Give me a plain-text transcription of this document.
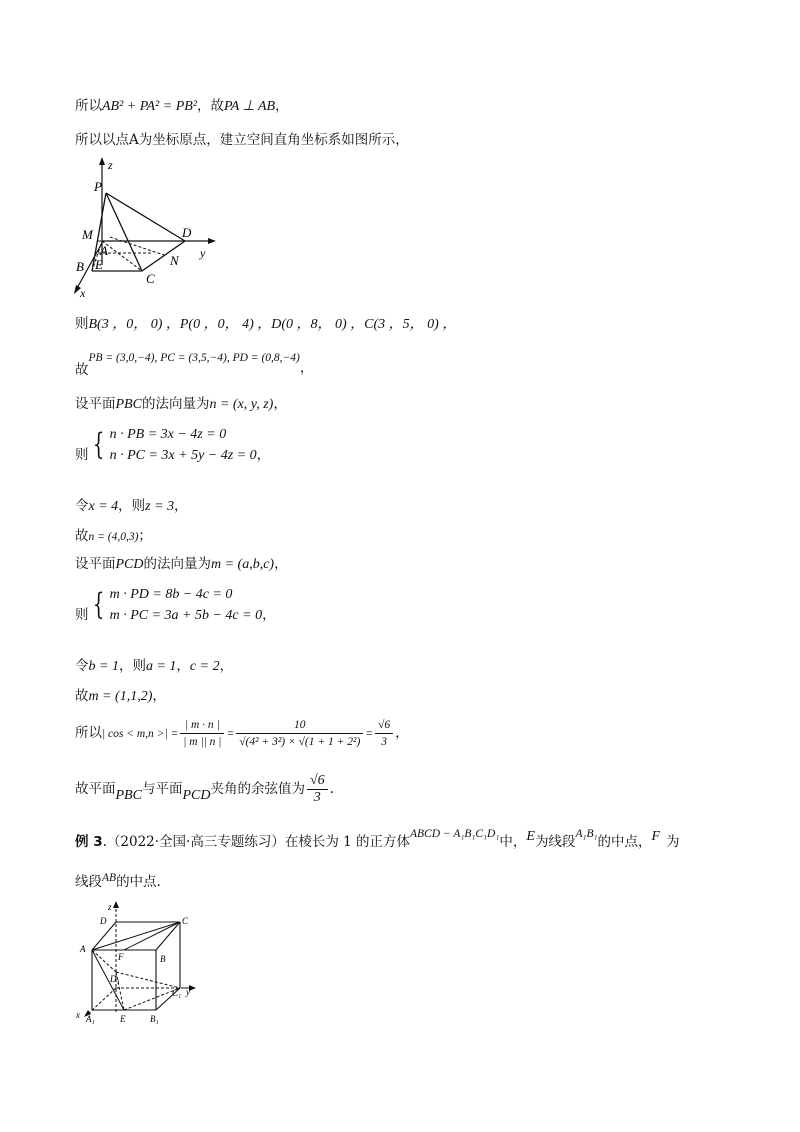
所以AB² + PA² = PB²，故PA ⊥ AB，
所以以点A为坐标原点，建立空间直角坐标系如图所示，
P
z
M
A
D
y
N
B E
C
x
则B(3 ，0， 0) ，P(0 ，0， 4) ，D(0 ，8， 0) ，C(3 ，5， 0) ，
故PB = (3,0,−4), PC = (3,5,−4), PD = (0,8,−4)，
设平面PBC的法向量为n = (x, y, z)，
则 { n · PB = 3x − 4z = 0
n · PC = 3x + 5y − 4z = 0，
令x = 4，则z = 3，
故n = (4,0,3)；
设平面PCD的法向量为m = (a,b,c)，
则 { m · PD = 8b − 4c = 0
m · PC = 3a + 5b − 4c = 0，
令b = 1，则a = 1，c = 2，
故m = (1,1,2)，
所以| cos < m,n >| = $\frac{| m \cdot n |}{| m || n |} = \frac{10}{\text{√(4² + 3²) × √(1 + 1 + 2²)}} = \frac{√6}{3}$ ，
故平面PBC与平面PCD夹角的余弦值为 $\frac{√6}{3}$ .
例 3.（2022·全国·高三专题练习）在棱长为 1 的正方体ABCD − A₁B₁C₁D₁中，E为线段A₁B₁的中点，F 为
线段AB的中点.
z
D	C
A
F	B
D₁
C₁ y
x A₁	E	B₁
